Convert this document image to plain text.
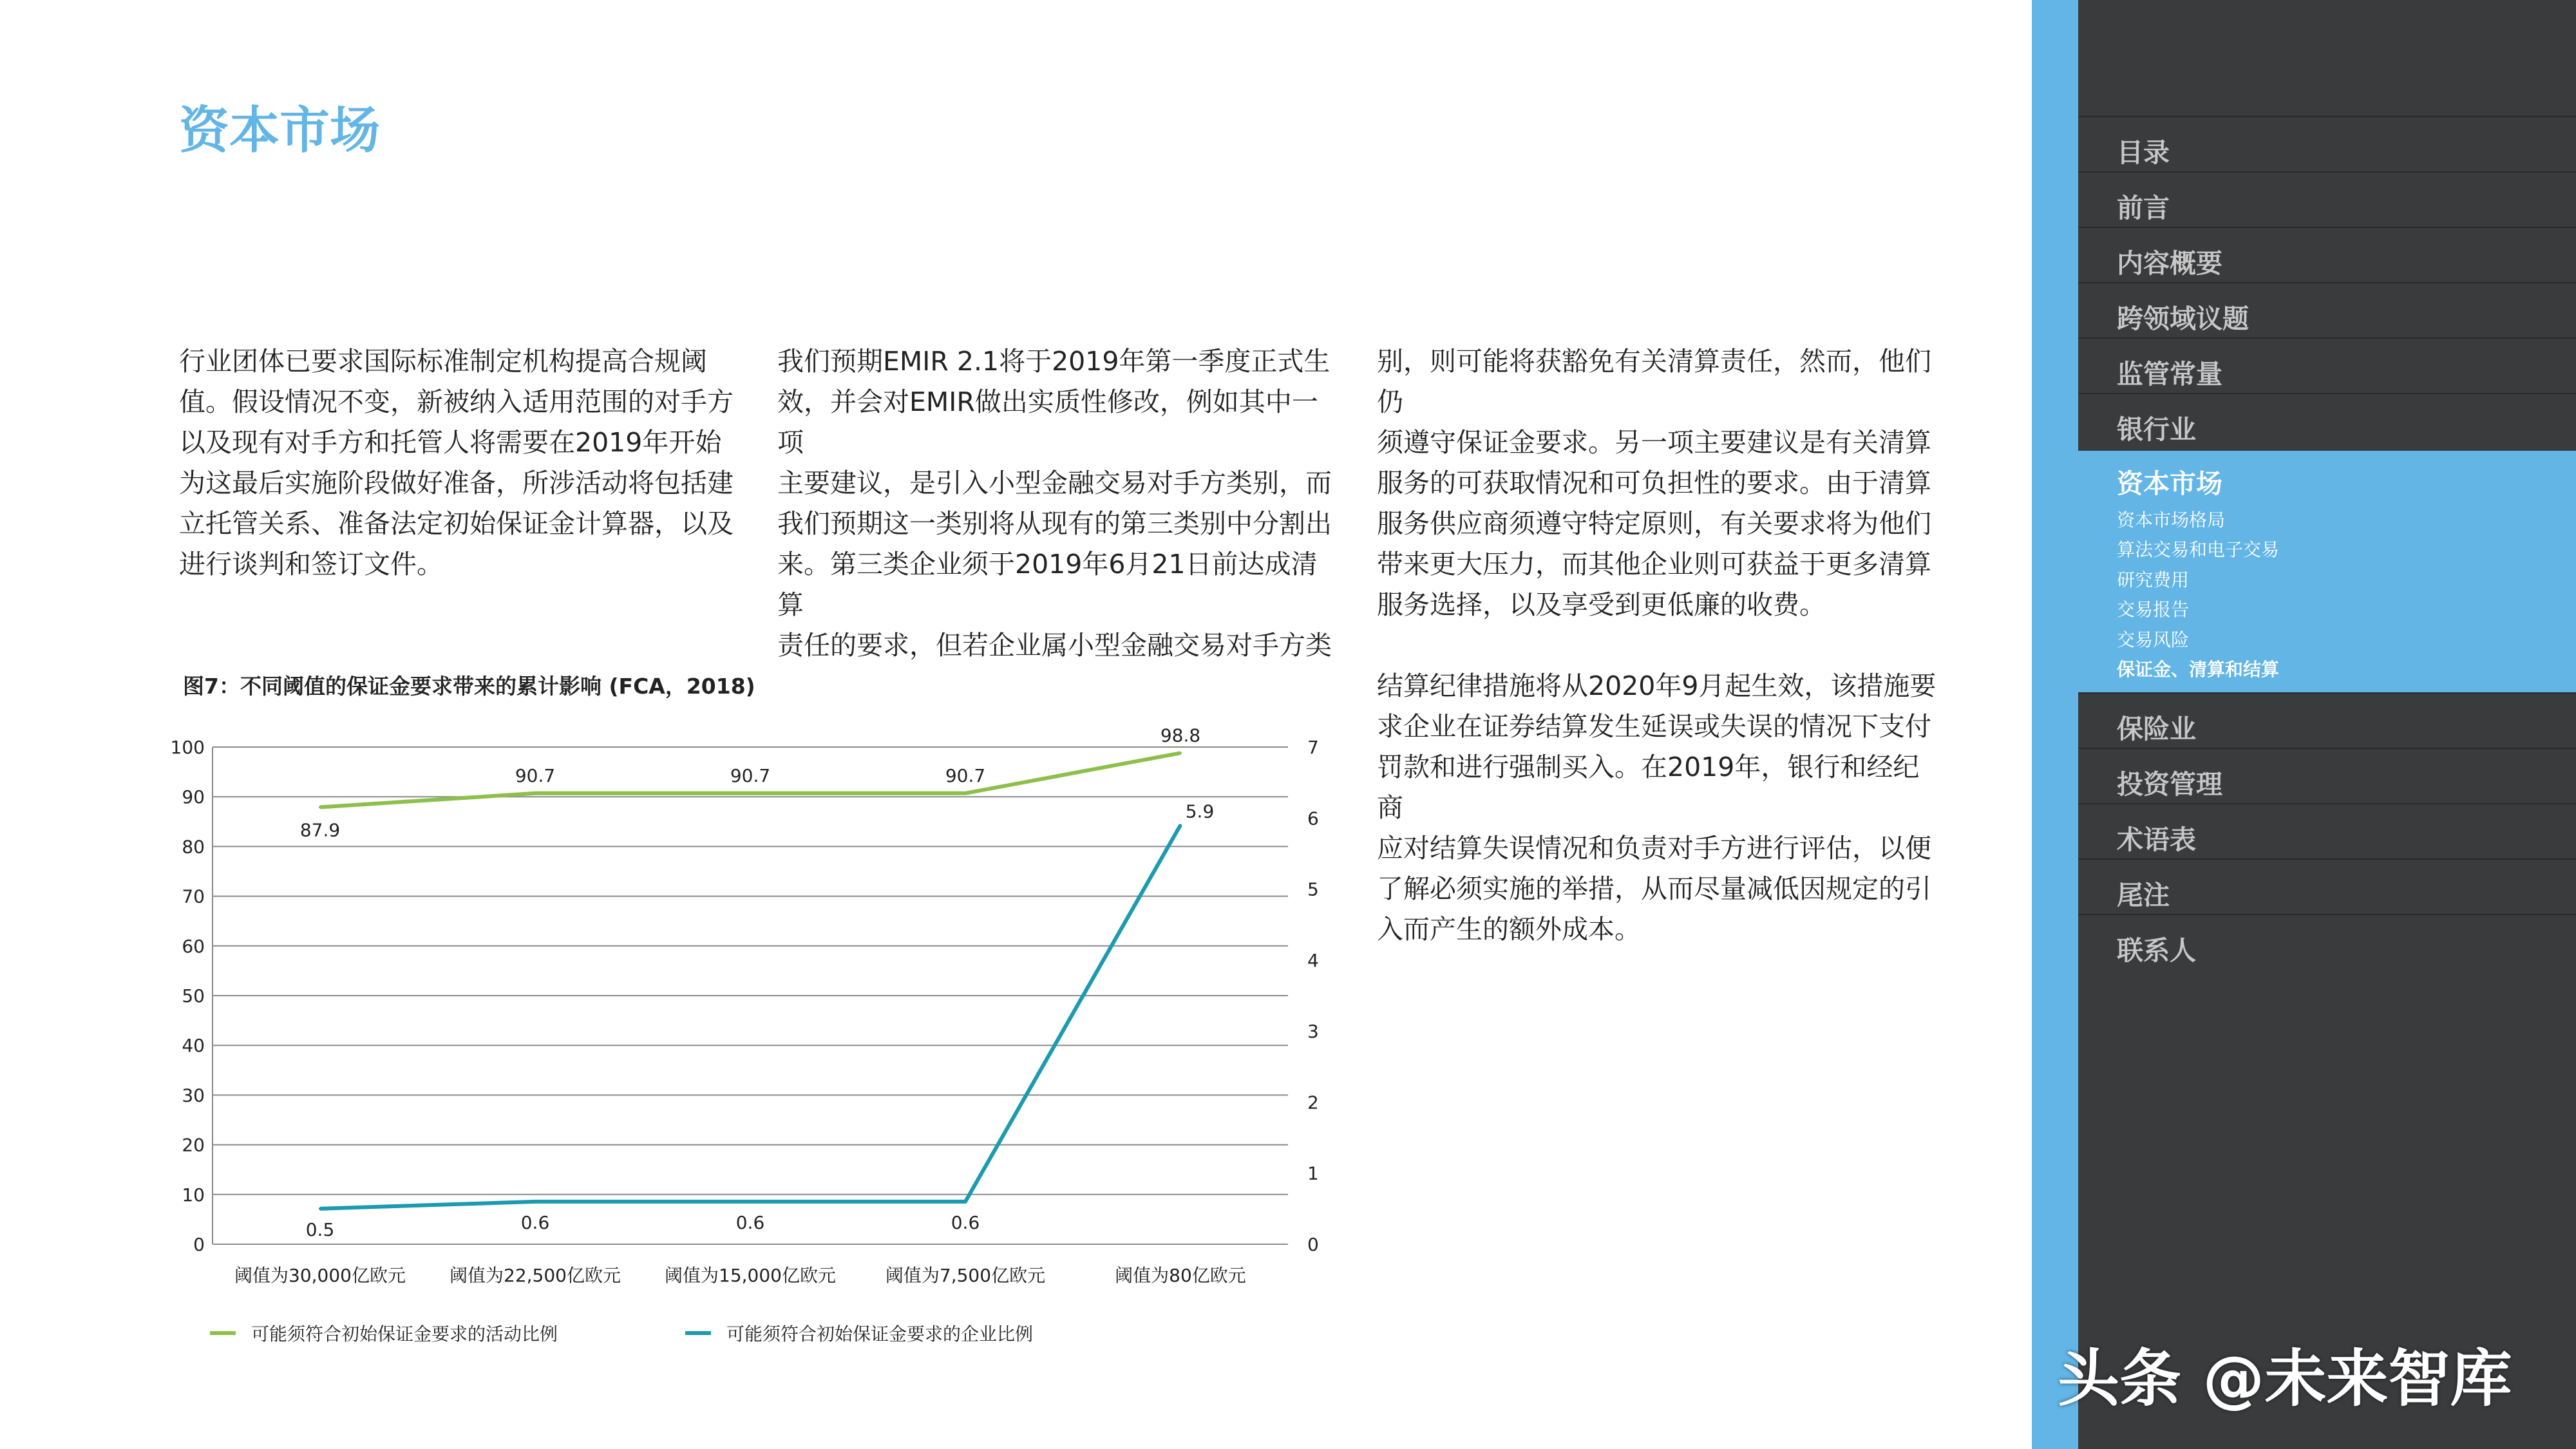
资本市场
行业团体已要求国际标准制定机构提高合规阈
值。假设情况不变，新被纳入适用范围的对手方
以及现有对手方和托管人将需要在2019年开始
为这最后实施阶段做好准备，所涉活动将包括建
立托管关系、准备法定初始保证金计算器，以及
进行谈判和签订文件。
我们预期EMIR 2.1将于2019年第一季度正式生
效，并会对EMIR做出实质性修改，例如其中一项
主要建议，是引入小型金融交易对手方类别，而
我们预期这一类别将从现有的第三类别中分割出
来。第三类企业须于2019年6月21日前达成清算
责任的要求，但若企业属小型金融交易对手方类
别，则可能将获豁免有关清算责任，然而，他们仍
须遵守保证金要求。另一项主要建议是有关清算
服务的可获取情况和可负担性的要求。由于清算
服务供应商须遵守特定原则，有关要求将为他们
带来更大压力，而其他企业则可获益于更多清算
服务选择，以及享受到更低廉的收费。

结算纪律措施将从2020年9月起生效，该措施要
求企业在证券结算发生延误或失误的情况下支付
罚款和进行强制买入。在2019年，银行和经纪商
应对结算失误情况和负责对手方进行评估，以便
了解必须实施的举措，从而尽量减低因规定的引
入而产生的额外成本。
图7：不同阈值的保证金要求带来的累计影响 (FCA，2018)
0
10
20
30
40
50
60
70
80
90
100
0
1
2
3
4
5
6
7
阈值为30,000亿欧元 阈值为22,500亿欧元 阈值为15,000亿欧元	阈值为7,500亿欧元	阈值为80亿欧元
87.9
90.7	90.7	90.7
98.8
0.5	0.6	0.6	0.6
5.9
可能须符合初始保证金要求的活动比例	可能须符合初始保证金要求的企业比例
目录
前言
内容概要
跨领域议题
监管常量
银行业
资本市场
资本市场格局
算法交易和电子交易
研究费用
交易报告
交易风险
保证金、清算和结算
保险业
投资管理
术语表
尾注
联系人
头条 @未来智库
